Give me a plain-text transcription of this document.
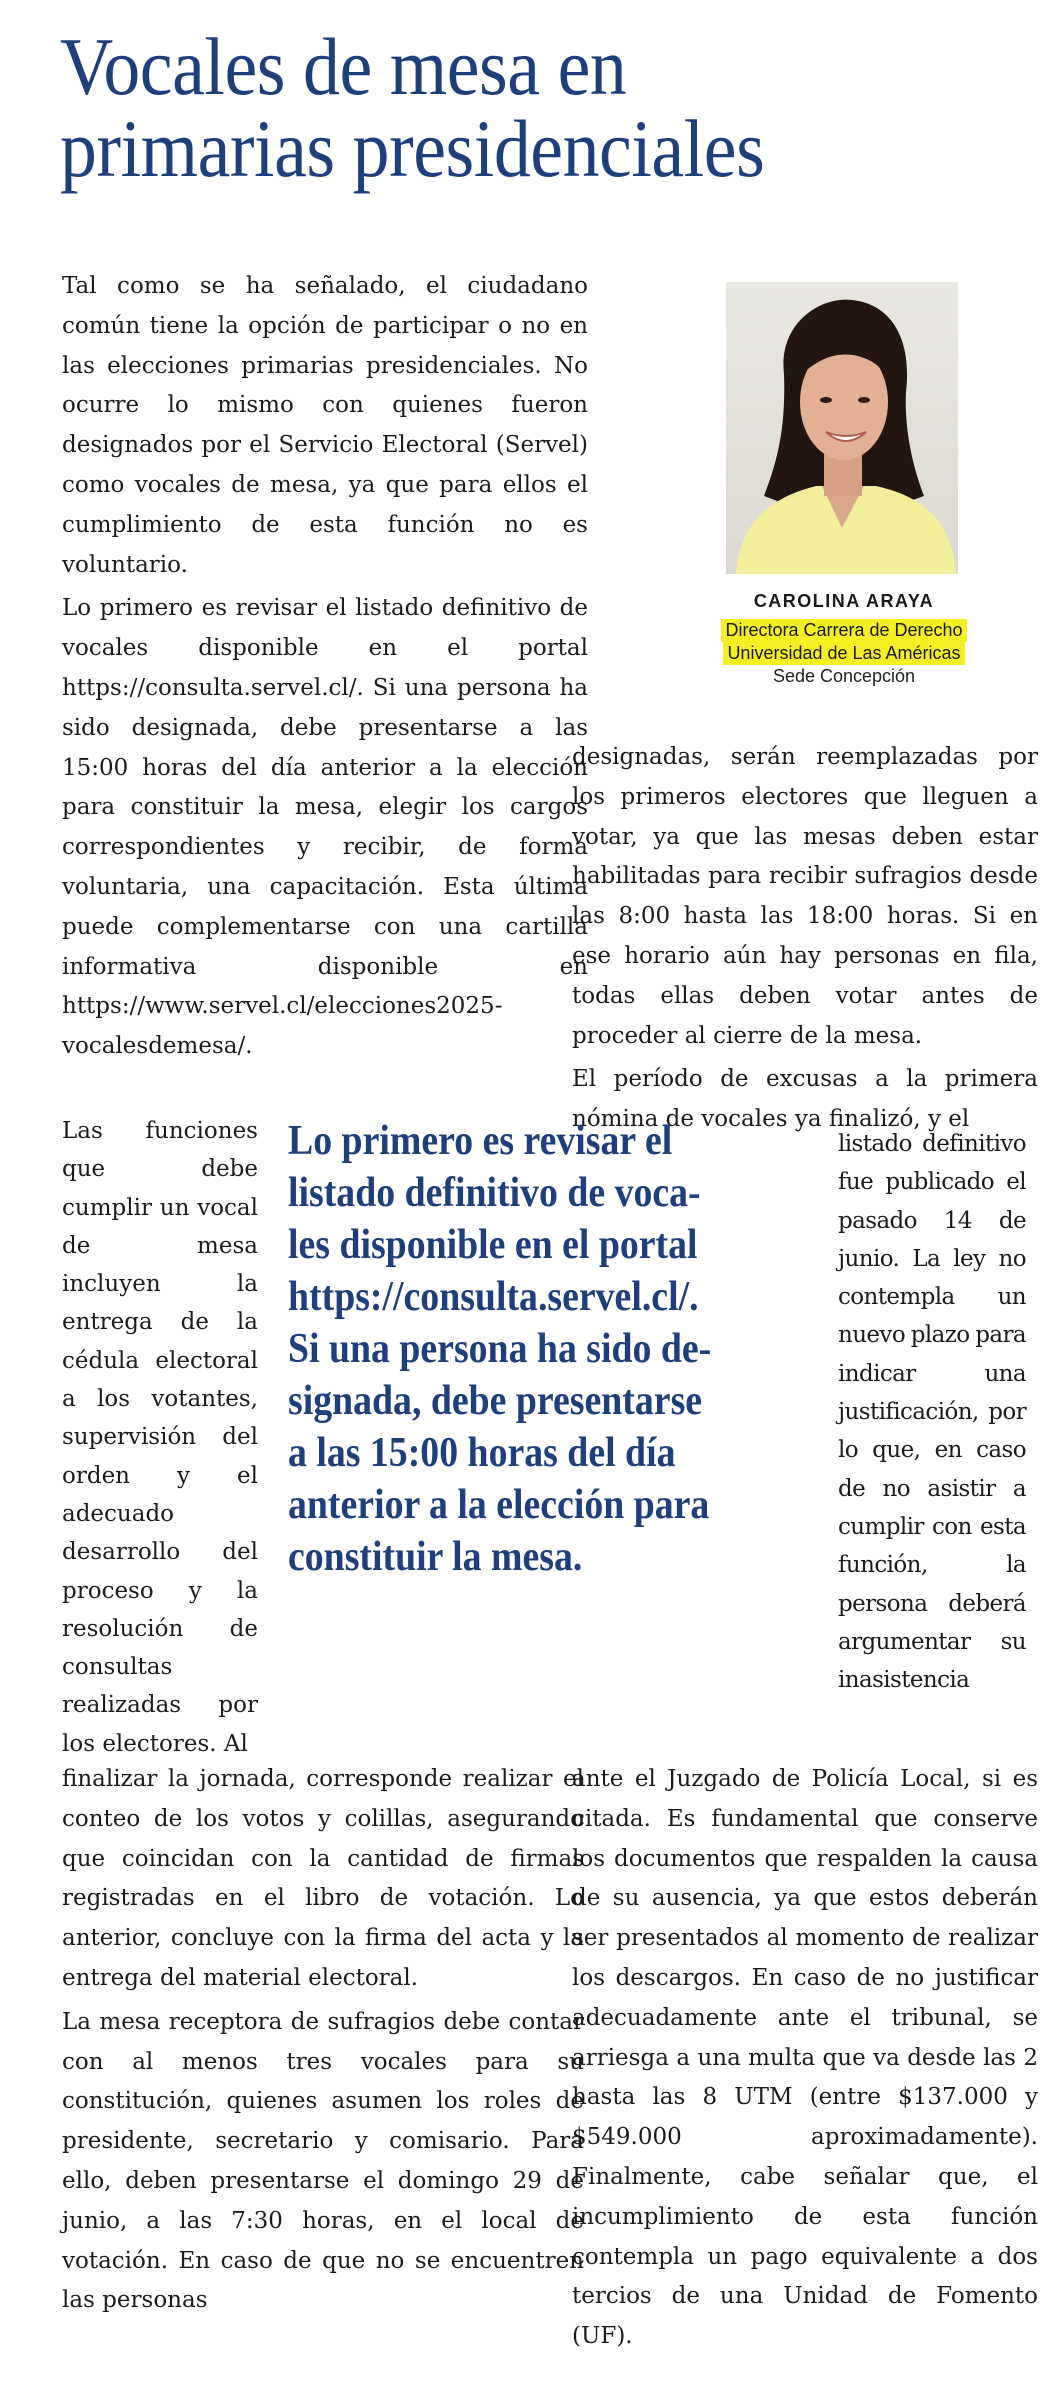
Vocales de mesa en
primarias presidenciales

Tal como se ha señalado, el ciudadano común tiene la opción de participar o no en las elecciones primarias presidenciales. No ocurre lo mismo con quienes fueron designados por el Servicio Electoral (Servel) como vocales de mesa, ya que para ellos el cumplimiento de esta función no es voluntario.

Lo primero es revisar el listado definitivo de vocales disponible en el portal https://consulta.servel.cl/. Si una persona ha sido designada, debe presentarse a las 15:00 horas del día anterior a la elección para constituir la mesa, elegir los cargos correspondientes y recibir, de forma voluntaria, una capacitación. Esta última puede complementarse con una cartilla informativa disponible en https://www.servel.cl/elecciones2025-vocalesdemesa/.

CAROLINA ARAYA
Directora Carrera de Derecho
Universidad de Las Américas
Sede Concepción

designadas, serán reemplazadas por los primeros electores que lleguen a votar, ya que las mesas deben estar habilitadas para recibir sufragios desde las 8:00 hasta las 18:00 horas. Si en ese horario aún hay personas en fila, todas ellas deben votar antes de proceder al cierre de la mesa.

El período de excusas a la primera nómina de vocales ya finalizó, y el

Las funciones que debe cumplir un vocal de mesa incluyen la entrega de la cédula electoral a los votantes, supervisión del orden y el adecuado desarrollo del proceso y la resolución de consultas realizadas por los electores. Al
listado definitivo fue publicado el pasado 14 de junio. La ley no contempla un nuevo plazo para indicar una justificación, por lo que, en caso de no asistir a cumplir con esta función, la persona deberá argumentar su inasistencia
Lo primero es revisar el
listado definitivo de voca-
les disponible en el portal
https://consulta.servel.cl/.
Si una persona ha sido de-
signada, debe presentarse
a las 15:00 horas del día
anterior a la elección para
constituir la mesa.

finalizar la jornada, corresponde realizar el conteo de los votos y colillas, asegurando que coincidan con la cantidad de firmas registradas en el libro de votación. Lo anterior, concluye con la firma del acta y la entrega del material electoral.

La mesa receptora de sufragios debe contar con al menos tres vocales para su constitución, quienes asumen los roles de presidente, secretario y comisario. Para ello, deben presentarse el domingo 29 de junio, a las 7:30 horas, en el local de votación. En caso de que no se encuentren las personas

ante el Juzgado de Policía Local, si es citada. Es fundamental que conserve los documentos que respalden la causa de su ausencia, ya que estos deberán ser presentados al momento de realizar los descargos. En caso de no justificar adecuadamente ante el tribunal, se arriesga a una multa que va desde las 2 hasta las 8 UTM (entre $137.000 y $549.000 aproximadamente). Finalmente, cabe señalar que, el incumplimiento de esta función contempla un pago equivalente a dos tercios de una Unidad de Fomento (UF).
